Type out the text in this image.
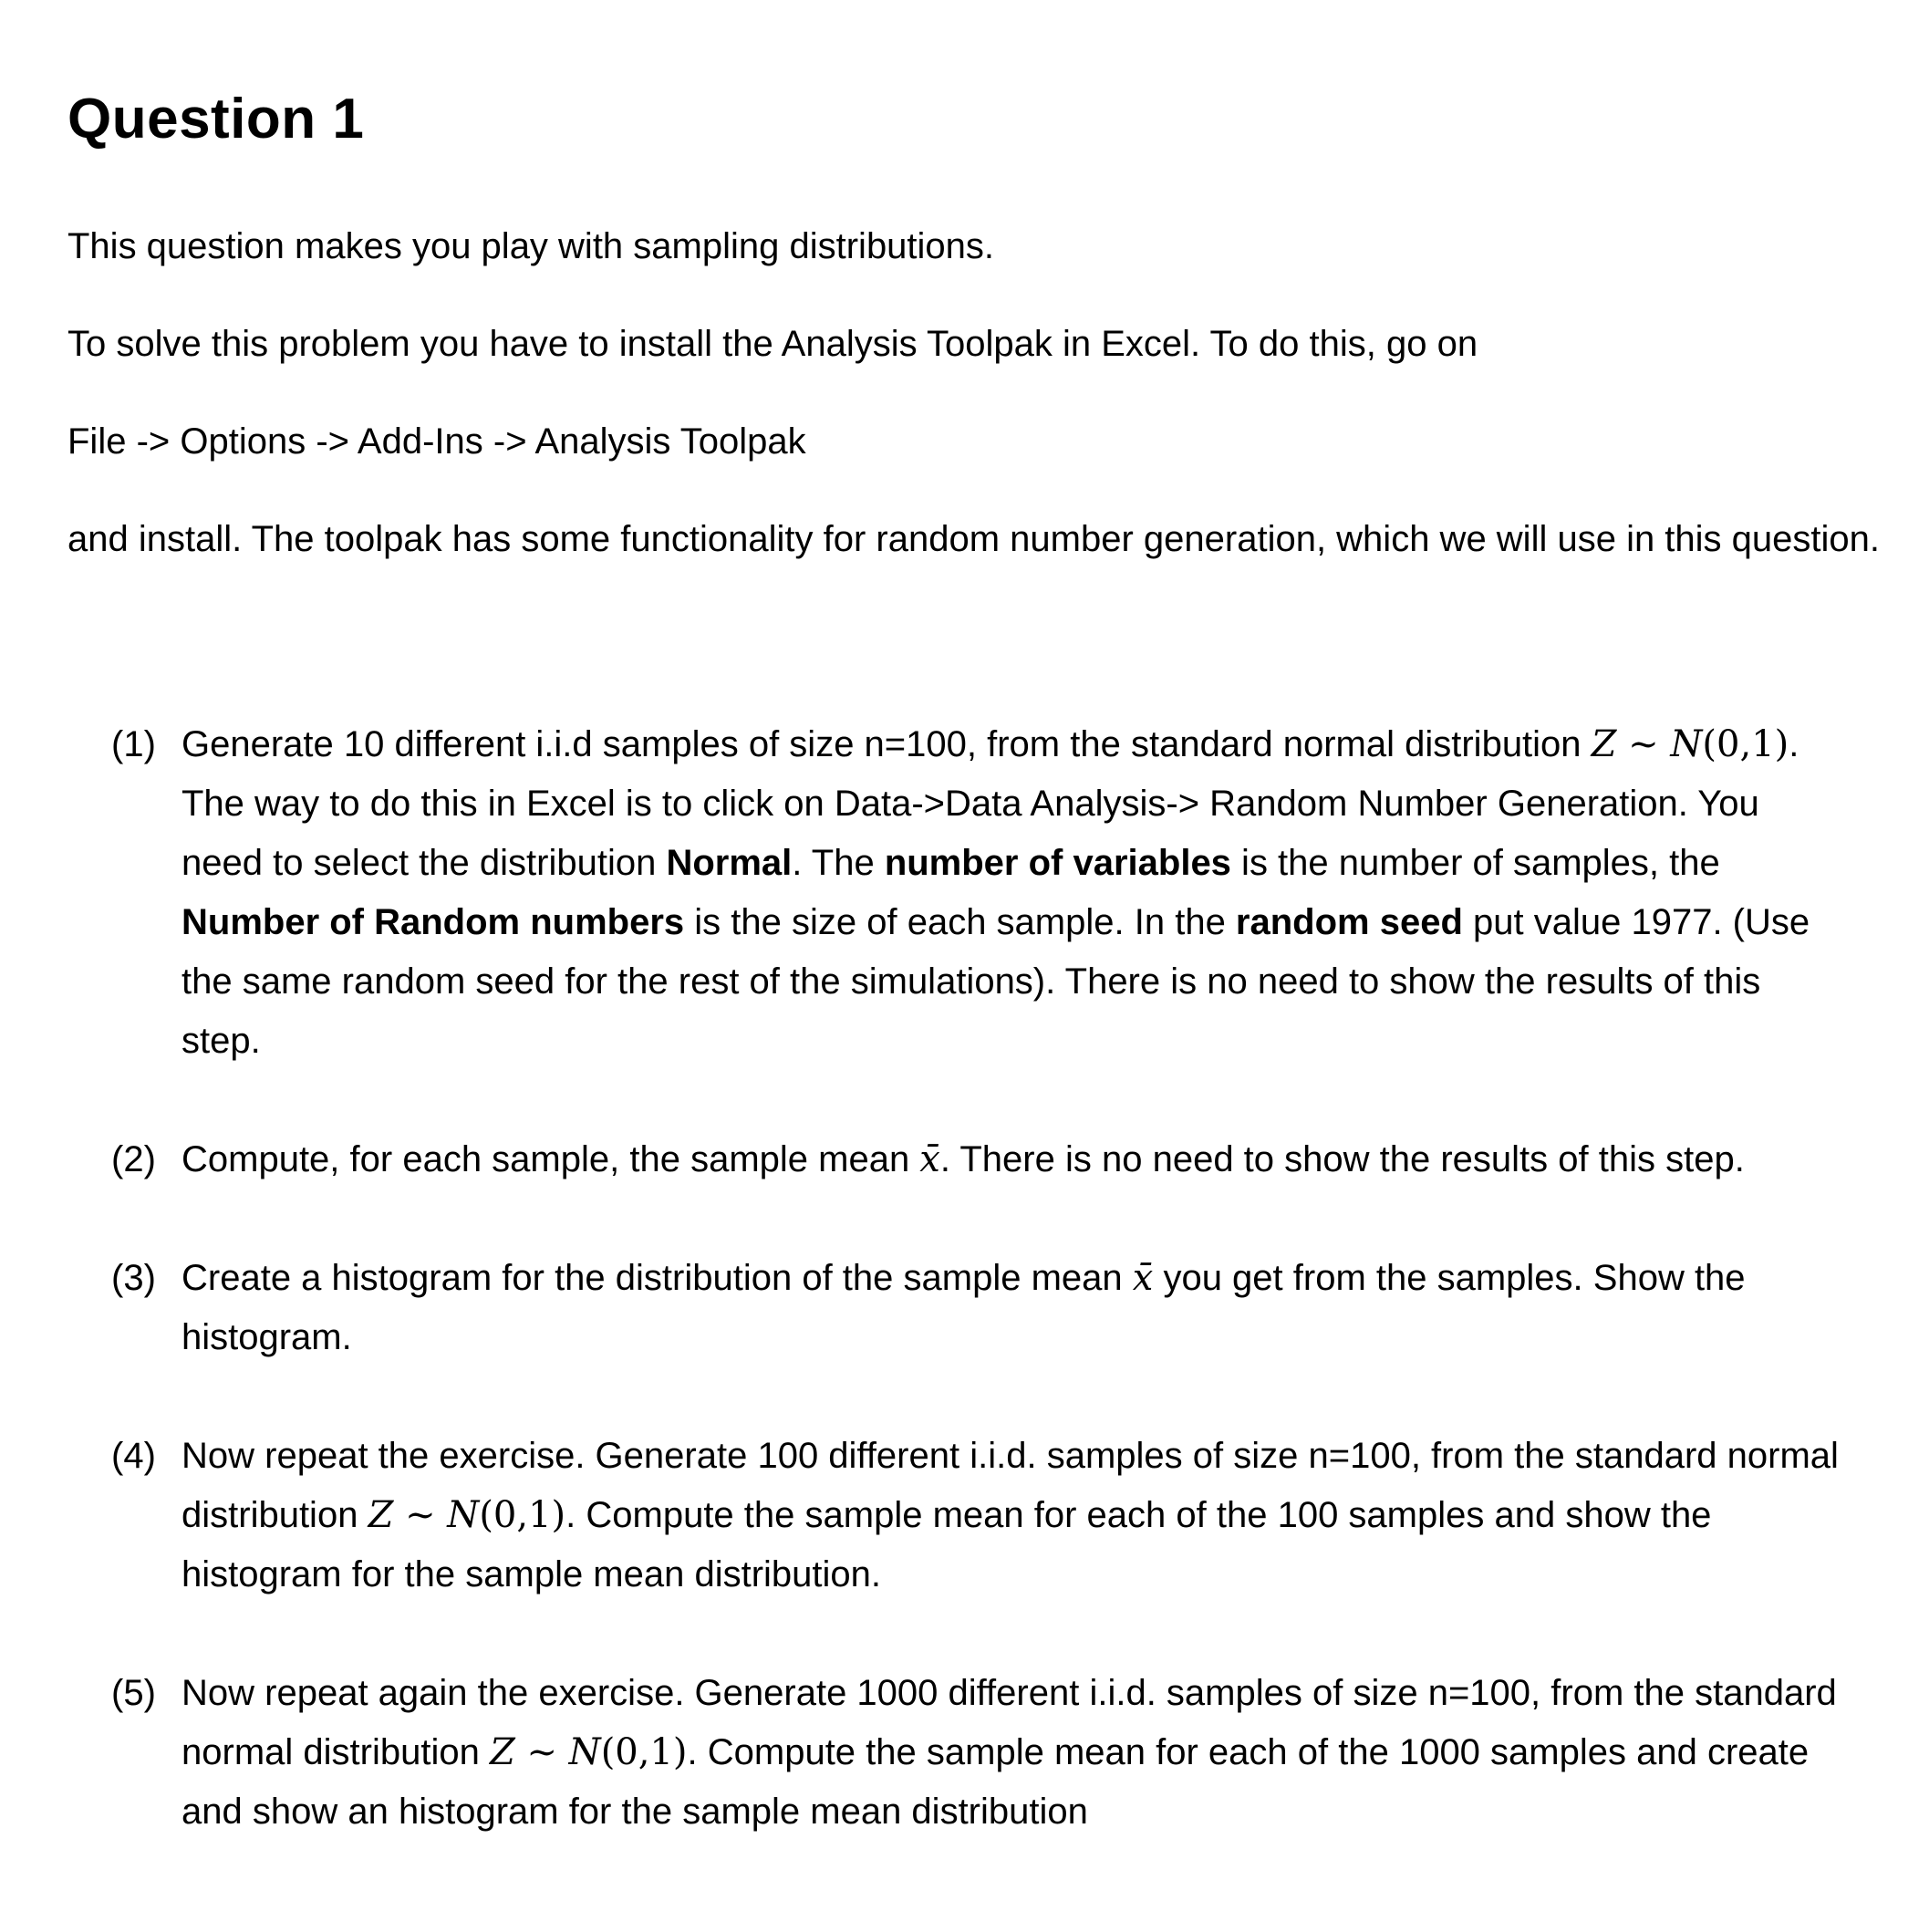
Question 1

This question makes you play with sampling distributions.

To solve this problem you have to install the Analysis Toolpak in Excel. To do this, go on

File -> Options -> Add-Ins -> Analysis Toolpak

and install. The toolpak has some functionality for random number generation, which we will use in this question.

(1) Generate 10 different i.i.d samples of size n=100, from the standard normal distribution Z ~ N(0,1). The way to do this in Excel is to click on Data->Data Analysis-> Random Number Generation. You need to select the distribution Normal. The number of variables is the number of samples, the Number of Random numbers is the size of each sample. In the random seed put value 1977. (Use the same random seed for the rest of the simulations). There is no need to show the results of this step.
(2) Compute, for each sample, the sample mean x̄. There is no need to show the results of this step.
(3) Create a histogram for the distribution of the sample mean x̄ you get from the samples. Show the histogram.
(4) Now repeat the exercise. Generate 100 different i.i.d. samples of size n=100, from the standard normal distribution Z ~ N(0,1). Compute the sample mean for each of the 100 samples and show the histogram for the sample mean distribution.
(5) Now repeat again the exercise. Generate 1000 different i.i.d. samples of size n=100, from the standard normal distribution Z ~ N(0,1). Compute the sample mean for each of the 1000 samples and create and show an histogram for the sample mean distribution
